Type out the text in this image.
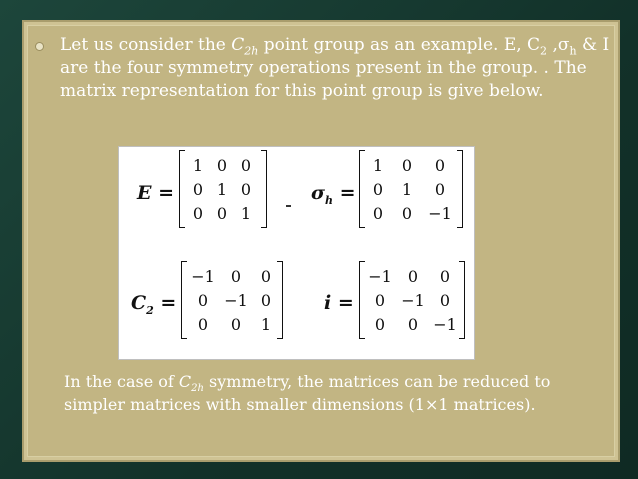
Let us consider the $C_{2h}$ point group as an example. E, $C_2$ $,\sigma_h$ & I are the four symmetry operations present in the group. . The matrix representation for this point group is give below.
E =
1 0 0
0 1 0
0 0 1
$\sigma_h$ =
1	0	0
0	1	0
0	0	−1
$C_2$ =
−1	0	0
0	−1 0
0	0	1
i =
−1	0	0
0	−1 0
0	0 −1
In the case of $C_{2h}$ symmetry, the matrices can be reduced to simpler matrices with smaller dimensions (1×1 matrices).
